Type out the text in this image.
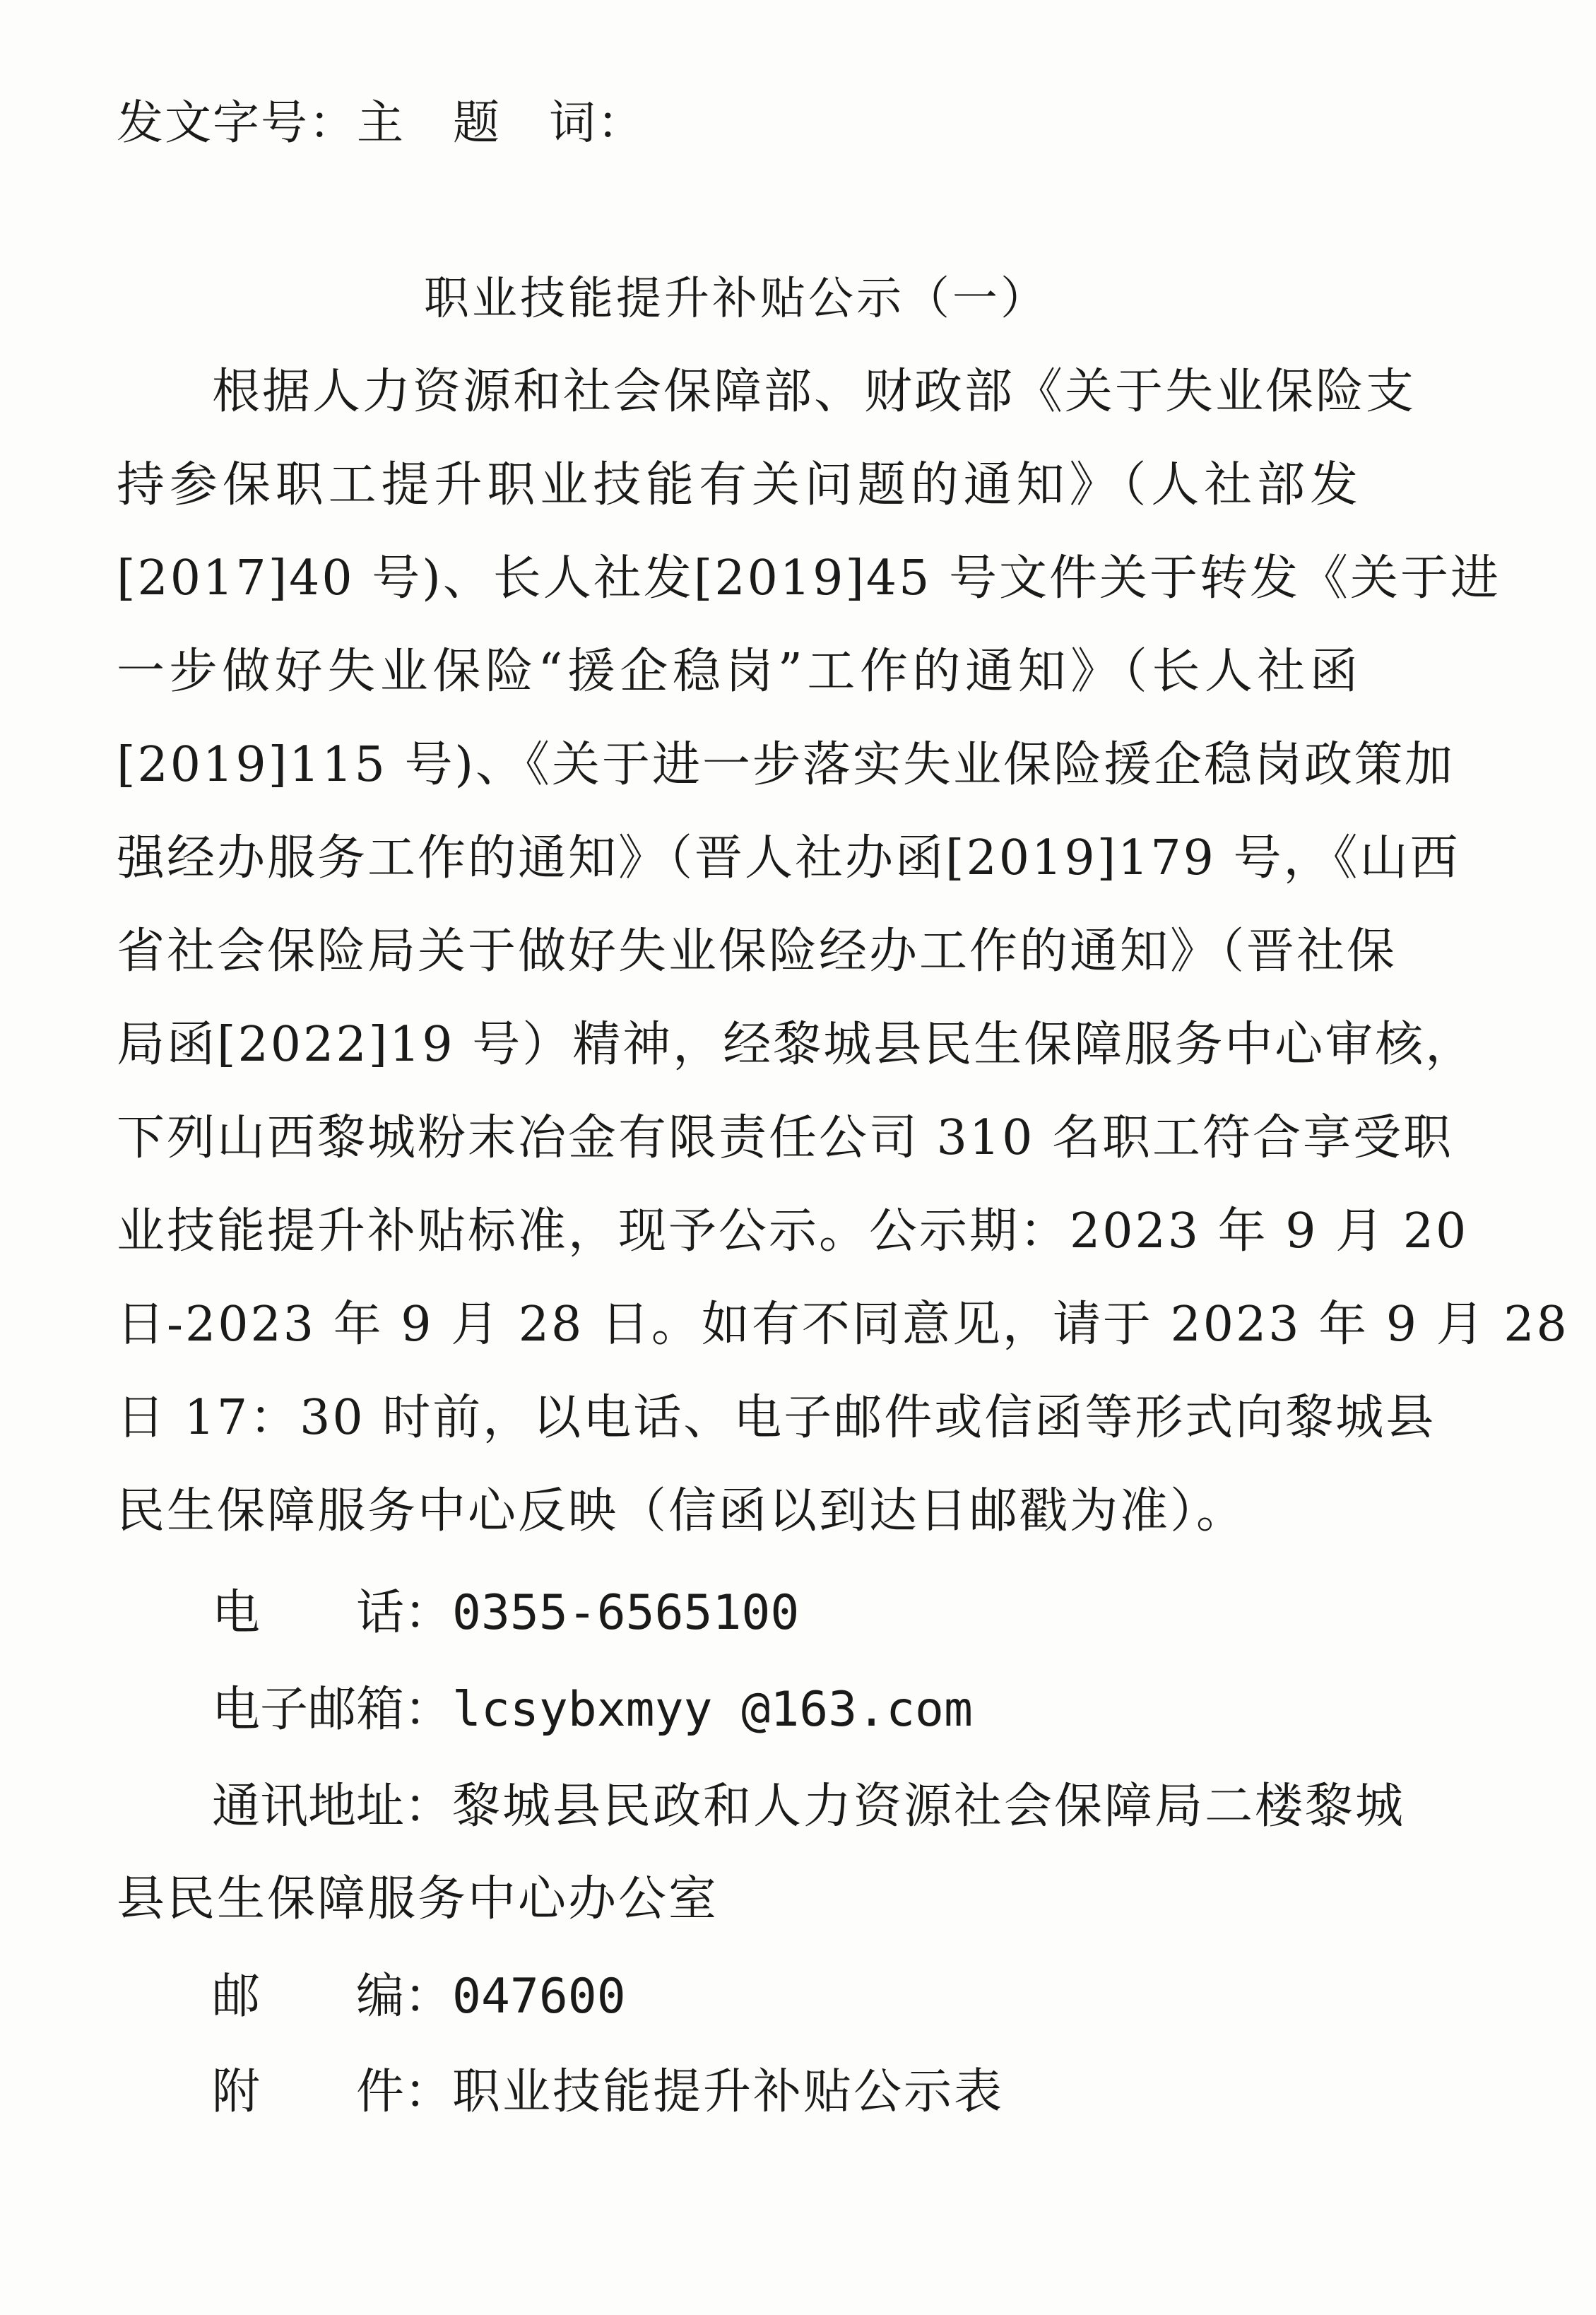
发文字号：主　题　词：
职业技能提升补贴公示（一）
根据人力资源和社会保障部、财政部《关于失业保险支
持参保职工提升职业技能有关问题的通知》（人社部发
[2017]40 号)、长人社发[2019]45 号文件关于转发《关于进
一步做好失业保险“援企稳岗”工作的通知》（长人社函
[2019]115 号)、《关于进一步落实失业保险援企稳岗政策加
强经办服务工作的通知》（晋人社办函[2019]179 号，《山西
省社会保险局关于做好失业保险经办工作的通知》（晋社保
局函[2022]19 号）精神，经黎城县民生保障服务中心审核，
下列山西黎城粉末冶金有限责任公司 310 名职工符合享受职
业技能提升补贴标准，现予公示。公示期：2023 年 9 月 20
日-2023 年 9 月 28 日。如有不同意见，请于 2023 年 9 月 28
日 17：30 时前，以电话、电子邮件或信函等形式向黎城县
民生保障服务中心反映（信函以到达日邮戳为准）。
电　　话：0355-6565100
电子邮箱：lcsybxmyy @163.com
通讯地址：黎城县民政和人力资源社会保障局二楼黎城
县民生保障服务中心办公室
邮　　编：047600
附　　件：职业技能提升补贴公示表
